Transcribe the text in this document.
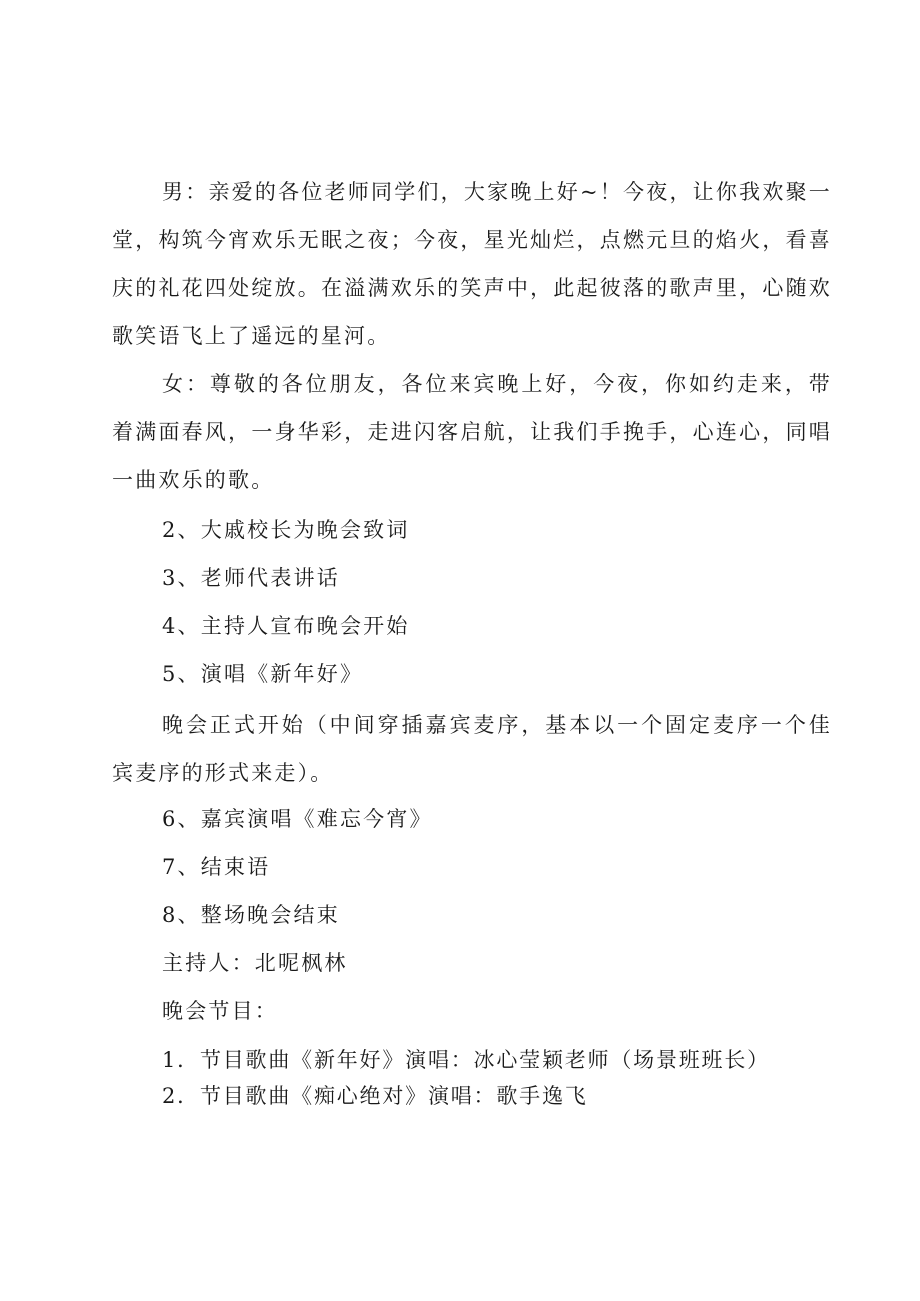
男：亲爱的各位老师同学们，大家晚上好~！今夜，让你我欢聚一堂，构筑今宵欢乐无眠之夜；今夜，星光灿烂，点燃元旦的焰火，看喜庆的礼花四处绽放。在溢满欢乐的笑声中，此起彼落的歌声里，心随欢歌笑语飞上了遥远的星河。

女：尊敬的各位朋友，各位来宾晚上好，今夜，你如约走来，带着满面春风，一身华彩，走进闪客启航，让我们手挽手，心连心，同唱一曲欢乐的歌。

2、大戚校长为晚会致词

3、老师代表讲话

4、主持人宣布晚会开始

5、演唱《新年好》

晚会正式开始（中间穿插嘉宾麦序，基本以一个固定麦序一个佳宾麦序的形式来走）。

6、嘉宾演唱《难忘今宵》

7、结束语

8、整场晚会结束

主持人：北呢枫林

晚会节目：

1．节目歌曲《新年好》演唱：冰心莹颖老师（场景班班长）

2．节目歌曲《痴心绝对》演唱：歌手逸飞
